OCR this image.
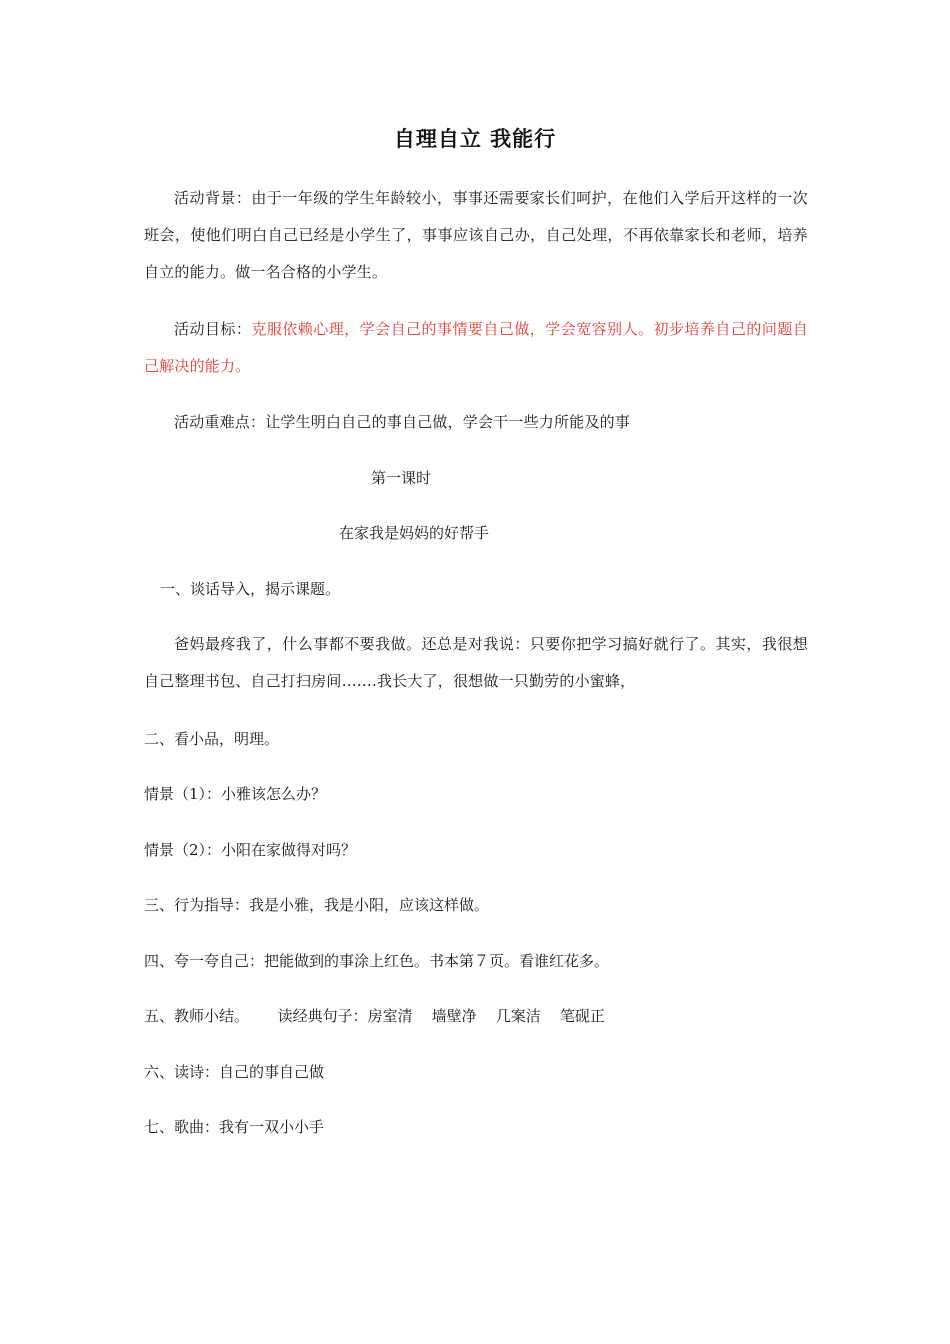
自理自立 我能行
活动背景：由于一年级的学生年龄较小，事事还需要家长们呵护，在他们入学后开这样的一次班会，使他们明白自己已经是小学生了，事事应该自己办，自己处理，不再依靠家长和老师，培养自立的能力。做一名合格的小学生。
活动目标：克服依赖心理，学会自己的事情要自己做，学会宽容别人。初步培养自己的问题自己解决的能力。
活动重难点：让学生明白自己的事自己做，学会干一些力所能及的事
第一课时
在家我是妈妈的好帮手
一、谈话导入，揭示课题。
爸妈最疼我了，什么事都不要我做。还总是对我说：只要你把学习搞好就行了。其实，我很想自己整理书包、自己打扫房间…….我长大了，很想做一只勤劳的小蜜蜂，
二、看小品，明理。
情景（1）：小雅该怎么办？
情景（2）：小阳在家做得对吗？
三、行为指导：我是小雅，我是小阳，应该这样做。
四、夸一夸自己：把能做到的事涂上红色。书本第７页。看谁红花多。
五、教师小结。      读经典句子：房室清    墙壁净    几案洁    笔砚正
六、读诗：自己的事自己做
七、歌曲：我有一双小小手
